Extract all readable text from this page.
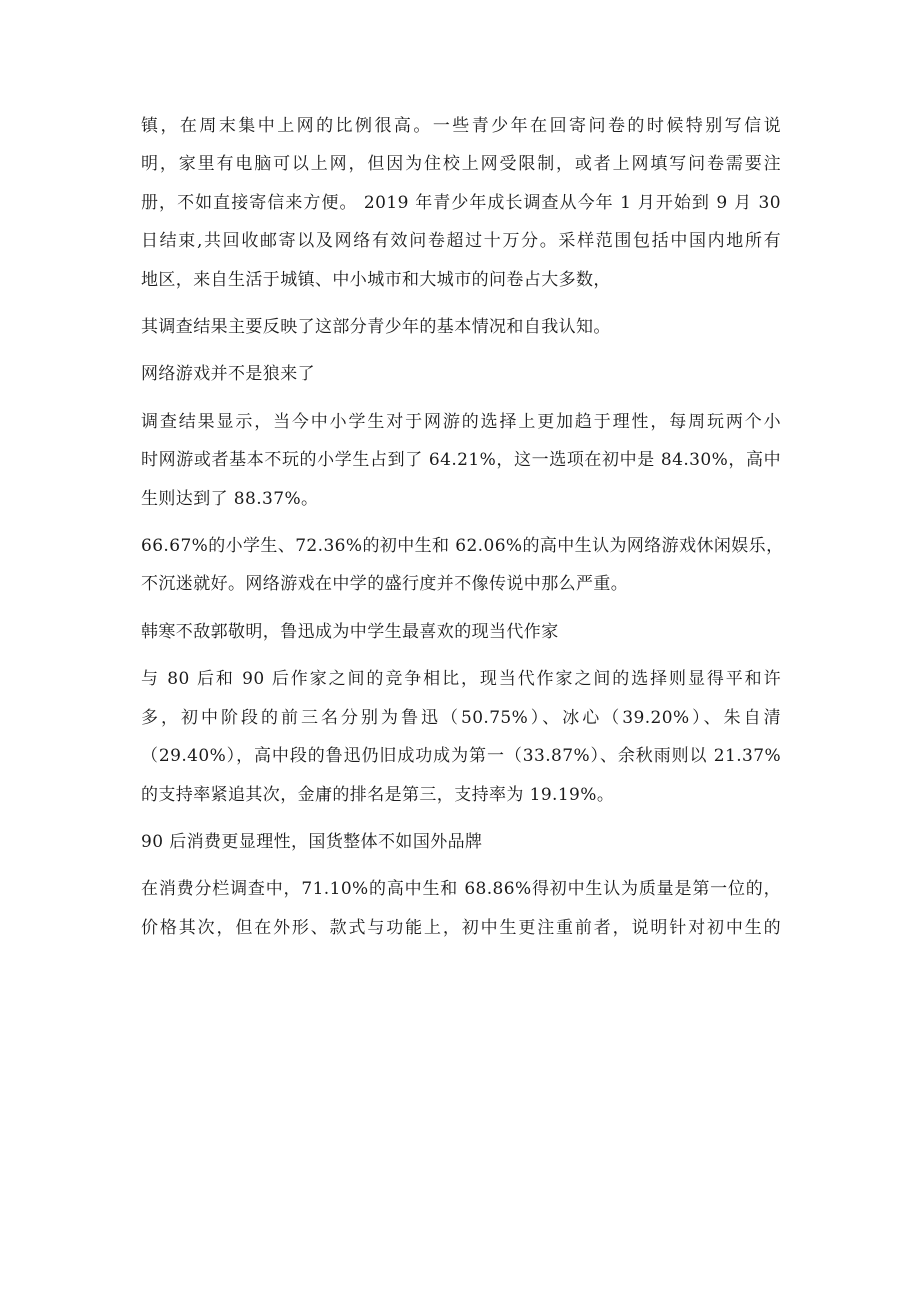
镇，在周末集中上网的比例很高。一些青少年在回寄问卷的时候特别写信说
明，家里有电脑可以上网，但因为住校上网受限制，或者上网填写问卷需要注
册，不如直接寄信来方便。 2019 年青少年成长调查从今年 1 月开始到 9 月 30
日结束,共回收邮寄以及网络有效问卷超过十万分。采样范围包括中国内地所有
地区，来自生活于城镇、中小城市和大城市的问卷占大多数，

其调查结果主要反映了这部分青少年的基本情况和自我认知。

网络游戏并不是狼来了

调查结果显示，当今中小学生对于网游的选择上更加趋于理性，每周玩两个小
时网游或者基本不玩的小学生占到了 64.21%，这一选项在初中是 84.30%，高中
生则达到了 88.37%。

66.67%的小学生、72.36%的初中生和 62.06%的高中生认为网络游戏休闲娱乐，
不沉迷就好。网络游戏在中学的盛行度并不像传说中那么严重。

韩寒不敌郭敬明，鲁迅成为中学生最喜欢的现当代作家

与 80 后和 90 后作家之间的竞争相比，现当代作家之间的选择则显得平和许
多，初中阶段的前三名分别为鲁迅（50.75%）、冰心（39.20%）、朱自清
（29.40%），高中段的鲁迅仍旧成功成为第一（33.87%）、余秋雨则以 21.37%
的支持率紧追其次，金庸的排名是第三，支持率为 19.19%。

90 后消费更显理性，国货整体不如国外品牌

在消费分栏调查中，71.10%的高中生和 68.86%得初中生认为质量是第一位的，
价格其次，但在外形、款式与功能上，初中生更注重前者，说明针对初中生的
